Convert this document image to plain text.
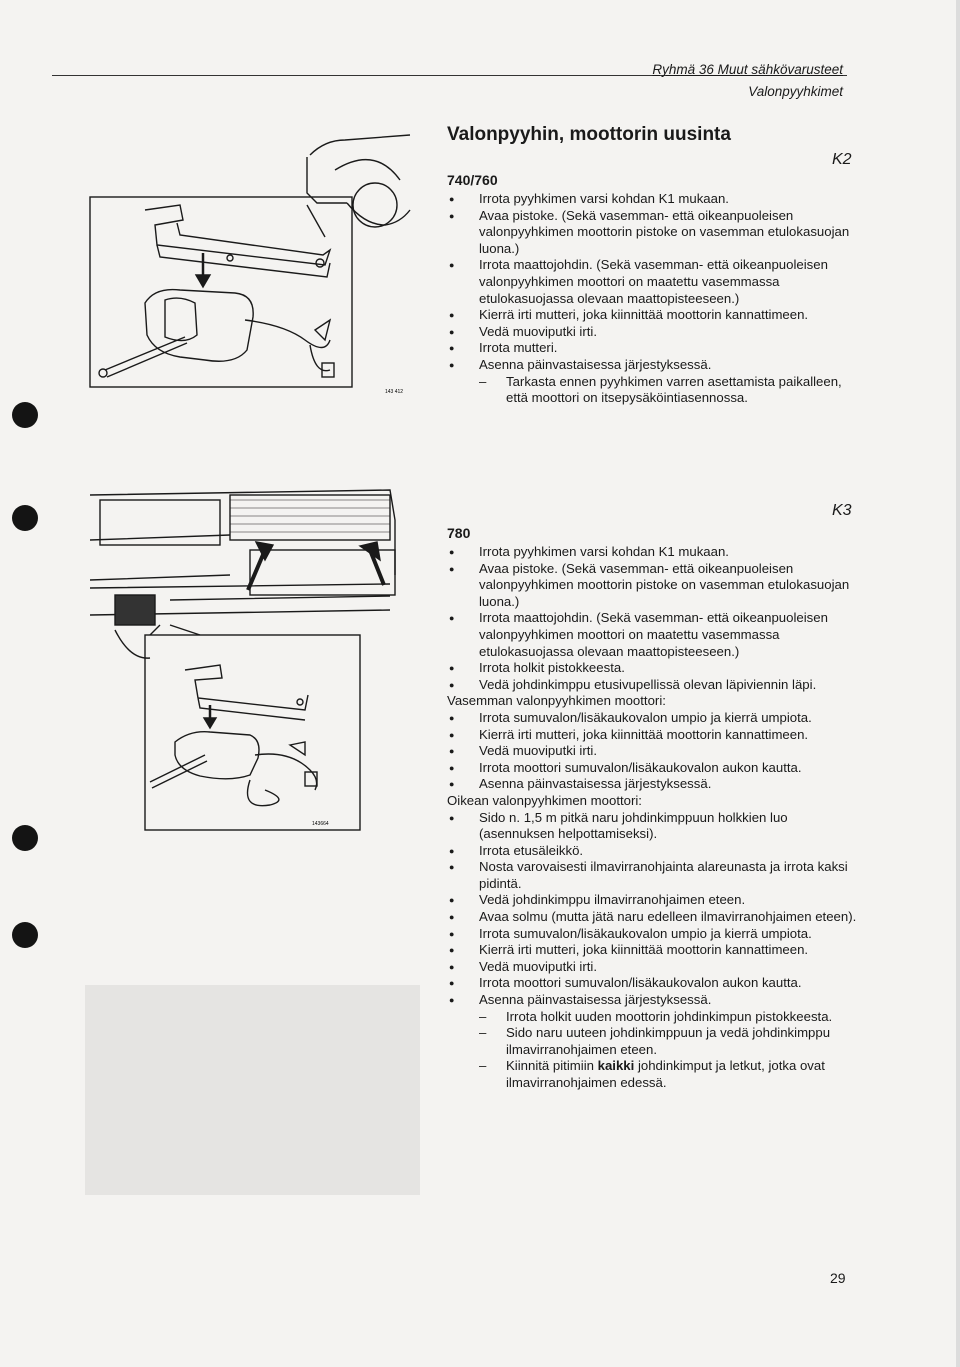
Ryhmä 36 Muut sähkövarusteet
Valonpyyhkimet
Valonpyyhin, moottorin uusinta
143 412
143664
K2
740/760
● Irrota pyyhkimen varsi kohdan K1 mukaan.
● Avaa pistoke. (Sekä vasemman- että oikeanpuoleisen valonpyyhkimen moottorin pistoke on vasemman etulokasuojan luona.)
● Irrota maattojohdin. (Sekä vasemman- että oikeanpuoleisen valonpyyhkimen moottori on maatettu vasemmassa etulokasuojassa olevaan maattopisteeseen.)
● Kierrä irti mutteri, joka kiinnittää moottorin kannattimeen.
● Vedä muoviputki irti.
● Irrota mutteri.
● Asenna päinvastaisessa järjestyksessä.
– Tarkasta ennen pyyhkimen varren asettamista paikalleen, että moottori on itsepysäköintiasennossa.
K3
780
● Irrota pyyhkimen varsi kohdan K1 mukaan.
● Avaa pistoke. (Sekä vasemman- että oikeanpuoleisen valonpyyhkimen moottorin pistoke on vasemman etulokasuojan luona.)
● Irrota maattojohdin. (Sekä vasemman- että oikeanpuoleisen valonpyyhkimen moottori on maatettu vasemmassa etulokasuojassa olevaan maattopisteeseen.)
● Irrota holkit pistokkeesta.
● Vedä johdinkimppu etusivupellissä olevan läpiviennin läpi.
Vasemman valonpyyhkimen moottori:
● Irrota sumuvalon/lisäkaukovalon umpio ja kierrä umpiota.
● Kierrä irti mutteri, joka kiinnittää moottorin kannattimeen.
● Vedä muoviputki irti.
● Irrota moottori sumuvalon/lisäkaukovalon aukon kautta.
● Asenna päinvastaisessa järjestyksessä.
Oikean valonpyyhkimen moottori:
● Sido n. 1,5 m pitkä naru johdinkimppuun holkkien luo (asennuksen helpottamiseksi).
● Irrota etusäleikkö.
● Nosta varovaisesti ilmavirranohjainta alareunasta ja irrota kaksi pidintä.
● Vedä johdinkimppu ilmavirranohjaimen eteen.
● Avaa solmu (mutta jätä naru edelleen ilmavirranohjaimen eteen).
● Irrota sumuvalon/lisäkaukovalon umpio ja kierrä umpiota.
● Kierrä irti mutteri, joka kiinnittää moottorin kannattimeen.
● Vedä muoviputki irti.
● Irrota moottori sumuvalon/lisäkaukovalon aukon kautta.
● Asenna päinvastaisessa järjestyksessä.
– Irrota holkit uuden moottorin johdinkimpun pistokkeesta.
– Sido naru uuteen johdinkimppuun ja vedä johdinkimppu ilmavirranohjaimen eteen.
– Kiinnitä pitimiin kaikki johdinkimput ja letkut, jotka ovat ilmavirranohjaimen edessä.
29
